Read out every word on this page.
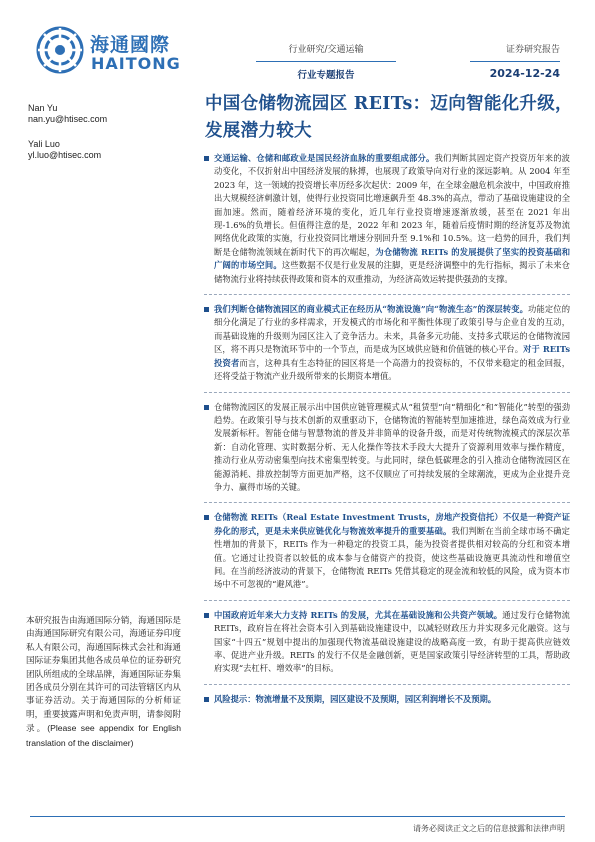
海通國際
HAITONG
行业研究/交通运输
行业专题报告
证券研究报告
2024-12-24
Nan Yu
nan.yu@htisec.com
Yali Luo
yl.luo@htisec.com
中国仓储物流园区 REITs：迈向智能化升级，发展潜力较大
交通运输、仓储和邮政业是国民经济血脉的重要组成部分。我们判断其固定资产投资历年来的波动变化，不仅折射出中国经济发展的脉搏，也展现了政策导向对行业的深远影响。从 2004 年至 2023 年，这一领域的投资增长率历经多次起伏：2009 年，在全球金融危机余波中，中国政府推出大规模经济刺激计划，使得行业投资同比增速飙升至 48.3%的高点，带动了基础设施建设的全面加速。然而，随着经济环境的变化，近几年行业投资增速逐渐放缓，甚至在 2021 年出现-1.6%的负增长。但值得注意的是，2022 年和 2023 年，随着后疫情时期的经济复苏及物流网络优化政策的实施，行业投资同比增速分别回升至 9.1%和 10.5%。这一趋势的回升，我们判断是仓储物流领域在新时代下的再次崛起，为仓储物流 REITs 的发展提供了坚实的投资基础和广阔的市场空间。这些数据不仅是行业发展的注脚，更是经济调整中的先行指标，揭示了未来仓储物流行业将持续获得政策和资本的双重推动，为经济高效运转提供强劲的支撑。
我们判断仓储物流园区的商业模式正在经历从“物流设施”向“物流生态”的深层转变。功能定位的细分化满足了行业的多样需求，开发模式的市场化和平衡性体现了政策引导与企业自发的互动，而基础设施的升级则为园区注入了竞争活力。未来，具备多元功能、支持多式联运的仓储物流园区，将不再只是物流环节中的一个节点，而是成为区域供应链和价值链的核心平台。对于 REITs 投资者而言，这种具有生态特征的园区将是一个高潜力的投资标的，不仅带来稳定的租金回报，还将受益于物流产业升级所带来的长期资本增值。
仓储物流园区的发展正展示出中国供应链管理模式从“租赁型”向“精细化”和“智能化”转型的强劲趋势。在政策引导与技术创新的双重驱动下，仓储物流的智能转型加速推进，绿色高效成为行业发展新标杆。智能仓储与智慧物流的普及并非简单的设备升级，而是对传统物流模式的深层次革新：自动化管理、实时数据分析、无人化操作等技术手段大大提升了资源利用效率与操作精度，推动行业从劳动密集型向技术密集型转变。与此同时，绿色低碳理念的引入推动仓储物流园区在能源消耗、排放控制等方面更加严格，这不仅顺应了可持续发展的全球潮流，更成为企业提升竞争力、赢得市场的关键。
仓储物流 REITs（Real Estate Investment Trusts，房地产投资信托）不仅是一种资产证券化的形式，更是未来供应链优化与物流效率提升的重要基础。我们判断在当前全球市场不确定性增加的背景下，REITs 作为一种稳定的投资工具，能为投资者提供相对较高的分红和资本增值。它通过让投资者以较低的成本参与仓储资产的投资，使这些基础设施更具流动性和增值空间。在当前经济波动的背景下，仓储物流 REITs 凭借其稳定的现金流和较低的风险，成为资本市场中不可忽视的“避风港”。
中国政府近年来大力支持 REITs 的发展，尤其在基础设施和公共资产领域。通过发行仓储物流 REITs，政府旨在将社会资本引入到基础设施建设中，以减轻财政压力并实现多元化融资。这与国家“十四五”规划中提出的加强现代物流基础设施建设的战略高度一致，有助于提高供应链效率、促进产业升级。REITs 的发行不仅是金融创新，更是国家政策引导经济转型的工具，帮助政府实现“去杠杆、增效率”的目标。
风险提示：物流增量不及预期，园区建设不及预期，园区利润增长不及预期。
本研究报告由海通国际分销，海通国际是由海通国际研究有限公司，海通证券印度私人有限公司，海通国际株式会社和海通国际证券集团其他各成员单位的证券研究团队所组成的全球品牌，海通国际证券集团各成员分别在其许可的司法管辖区内从事证券活动。关于海通国际的分析师证明，重要披露声明和免责声明，请参阅附录。(Please see appendix for English translation of the disclaimer)
请务必阅读正文之后的信息披露和法律声明
